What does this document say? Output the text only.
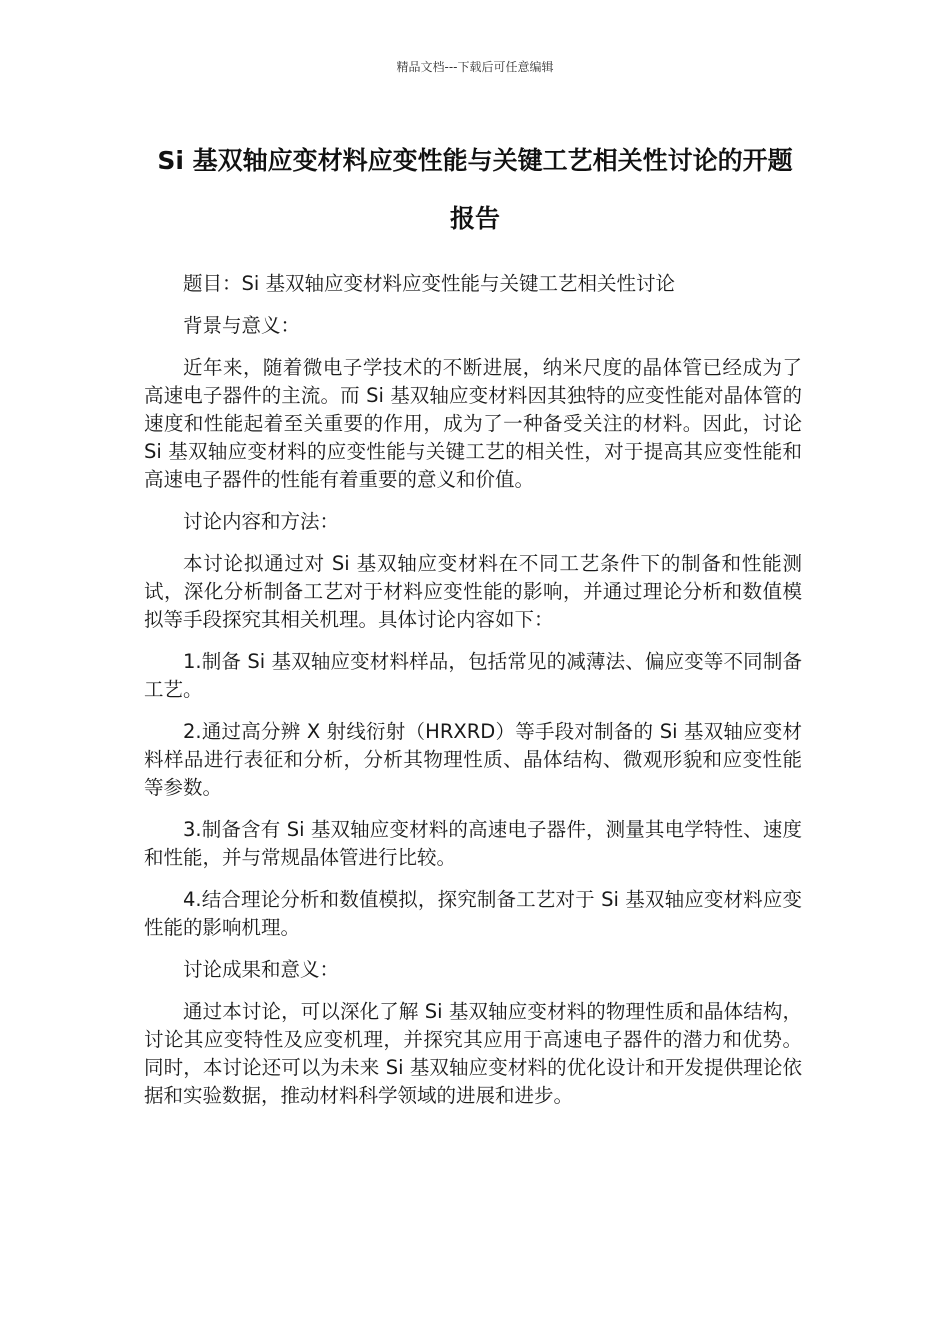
精品文档---下载后可任意编辑
Si 基双轴应变材料应变性能与关键工艺相关性讨论的开题报告

题目：Si 基双轴应变材料应变性能与关键工艺相关性讨论

背景与意义：

近年来，随着微电子学技术的不断进展，纳米尺度的晶体管已经成为了高速电子器件的主流。而 Si 基双轴应变材料因其独特的应变性能对晶体管的速度和性能起着至关重要的作用，成为了一种备受关注的材料。因此，讨论 Si 基双轴应变材料的应变性能与关键工艺的相关性，对于提高其应变性能和高速电子器件的性能有着重要的意义和价值。

讨论内容和方法：

本讨论拟通过对 Si 基双轴应变材料在不同工艺条件下的制备和性能测试，深化分析制备工艺对于材料应变性能的影响，并通过理论分析和数值模拟等手段探究其相关机理。具体讨论内容如下：

1.制备 Si 基双轴应变材料样品，包括常见的减薄法、偏应变等不同制备工艺。

2.通过高分辨 X 射线衍射（HRXRD）等手段对制备的 Si 基双轴应变材料样品进行表征和分析，分析其物理性质、晶体结构、微观形貌和应变性能等参数。

3.制备含有 Si 基双轴应变材料的高速电子器件，测量其电学特性、速度和性能，并与常规晶体管进行比较。

4.结合理论分析和数值模拟，探究制备工艺对于 Si 基双轴应变材料应变性能的影响机理。

讨论成果和意义：

通过本讨论，可以深化了解 Si 基双轴应变材料的物理性质和晶体结构，讨论其应变特性及应变机理，并探究其应用于高速电子器件的潜力和优势。同时，本讨论还可以为未来 Si 基双轴应变材料的优化设计和开发提供理论依据和实验数据，推动材料科学领域的进展和进步。
